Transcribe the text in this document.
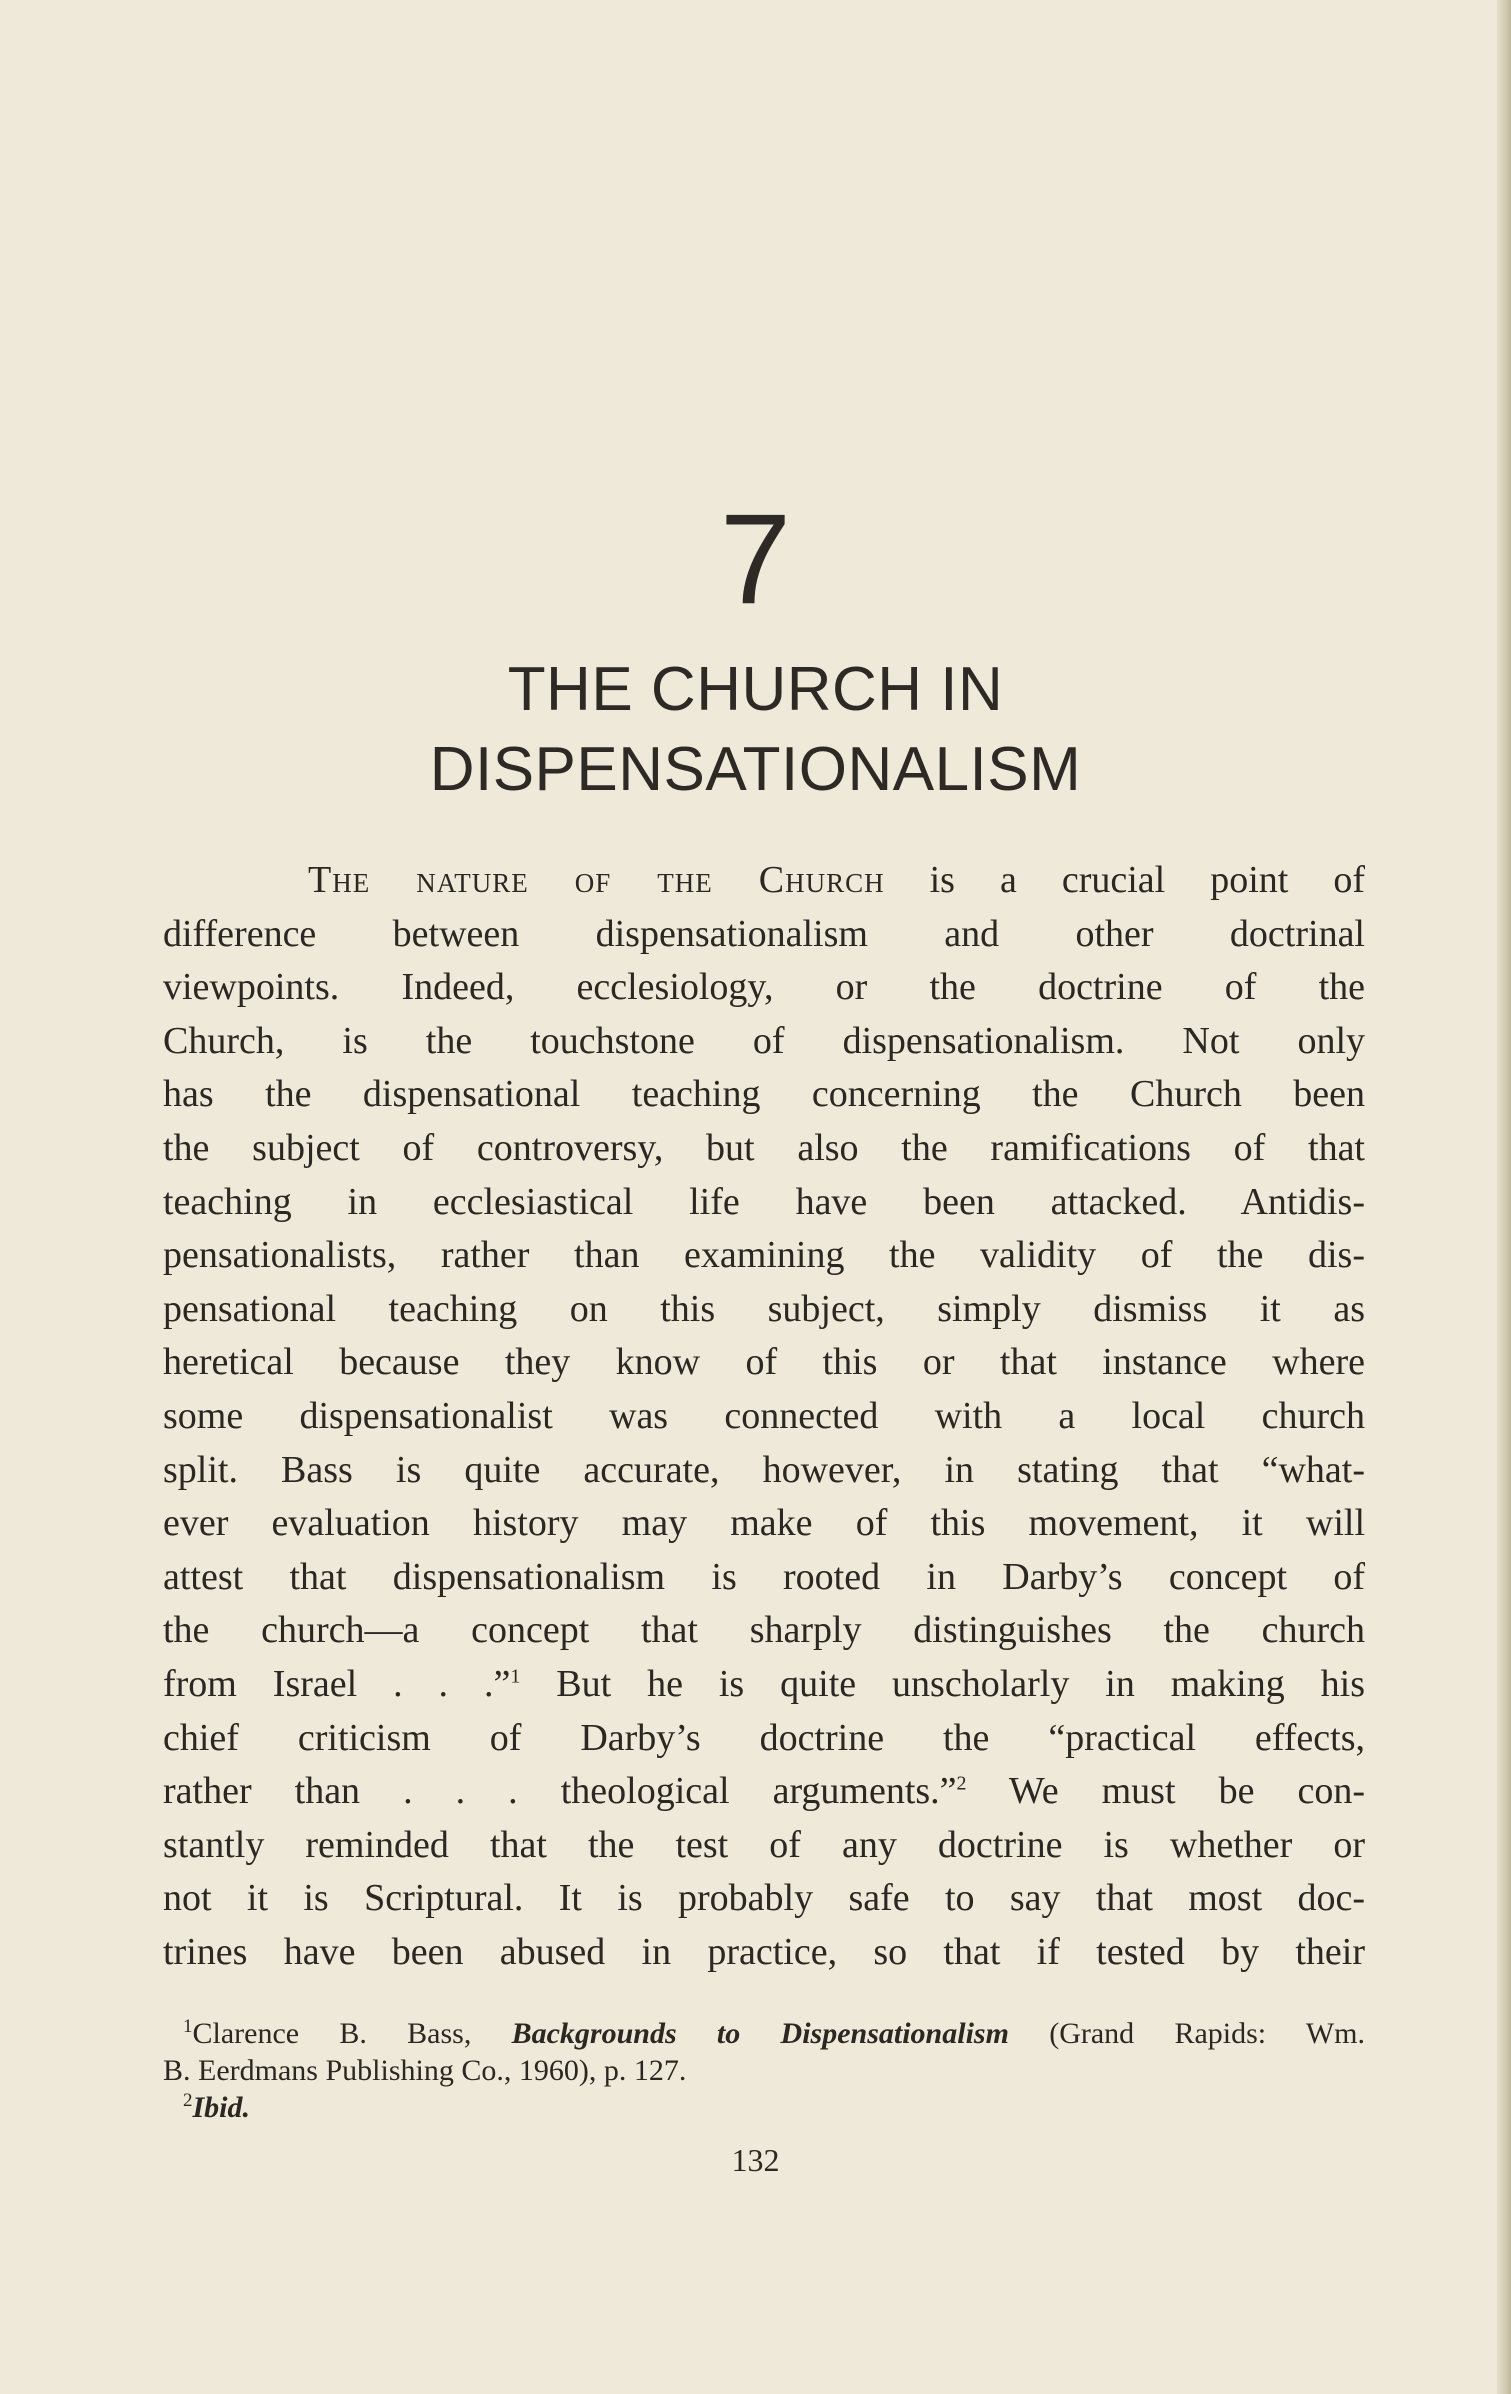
7
THE CHURCH IN
DISPENSATIONALISM
The nature of the Church is a crucial point of
difference between dispensationalism and other doctrinal
viewpoints. Indeed, ecclesiology, or the doctrine of the
Church, is the touchstone of dispensationalism. Not only
has the dispensational teaching concerning the Church been
the subject of controversy, but also the ramifications of that
teaching in ecclesiastical life have been attacked. Antidis-
pensationalists, rather than examining the validity of the dis-
pensational teaching on this subject, simply dismiss it as
heretical because they know of this or that instance where
some dispensationalist was connected with a local church
split. Bass is quite accurate, however, in stating that “what-
ever evaluation history may make of this movement, it will
attest that dispensationalism is rooted in Darby’s concept of
the church—a concept that sharply distinguishes the church
from Israel . . .”$^1$ But he is quite unscholarly in making his
chief criticism of Darby’s doctrine the “practical effects,
rather than . . . theological arguments.”$^2$ We must be con-
stantly reminded that the test of any doctrine is whether or
not it is Scriptural. It is probably safe to say that most doc-
trines have been abused in practice, so that if tested by their
$^1$Clarence B. Bass, Backgrounds to Dispensationalism (Grand Rapids: Wm.
B. Eerdmans Publishing Co., 1960), p. 127.
$^2$Ibid.
132
